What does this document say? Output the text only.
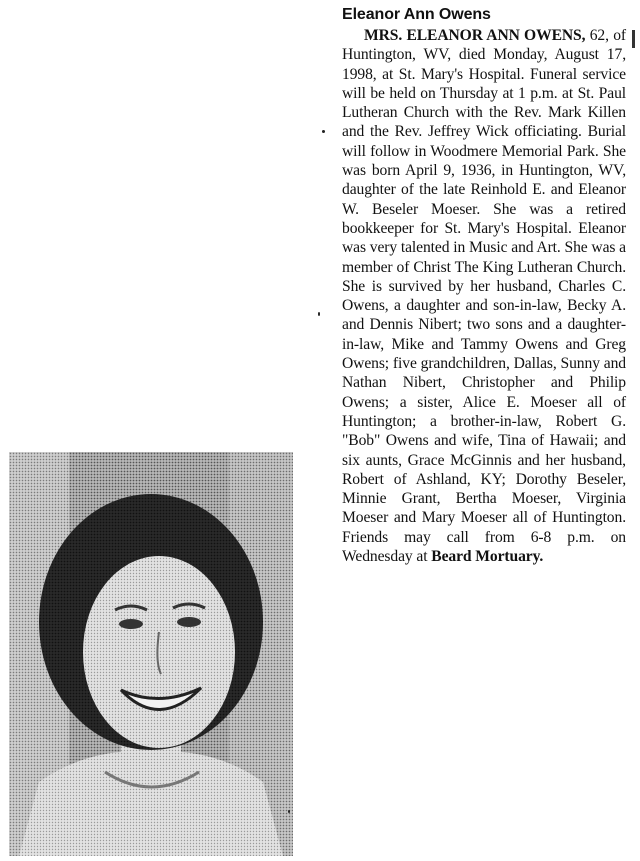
Eleanor Ann Owens

MRS. ELEANOR ANN OWENS, 62, of Huntington, WV, died Monday, August 17, 1998, at St. Mary's Hospital. Funeral service will be held on Thursday at 1 p.m. at St. Paul Lutheran Church with the Rev. Mark Killen and the Rev. Jeffrey Wick officiating. Burial will follow in Woodmere Memorial Park. She was born April 9, 1936, in Huntington, WV, daughter of the late Reinhold E. and Eleanor W. Beseler Moeser. She was a retired bookkeeper for St. Mary's Hospital. Eleanor was very talented in Music and Art. She was a member of Christ The King Lutheran Church. She is survived by her husband, Charles C. Owens, a daughter and son-in-law, Becky A. and Dennis Nibert; two sons and a daughter-in-law, Mike and Tammy Owens and Greg Owens; five grandchildren, Dallas, Sunny and Nathan Nibert, Christopher and Philip Owens; a sister, Alice E. Moeser all of Huntington; a brother-in-law, Robert G. "Bob" Owens and wife, Tina of Hawaii; and six aunts, Grace McGinnis and her husband, Robert of Ashland, KY; Dorothy Beseler, Minnie Grant, Bertha Moeser, Virginia Moeser and Mary Moeser all of Huntington. Friends may call from 6-8 p.m. on Wednesday at Beard Mortuary.
